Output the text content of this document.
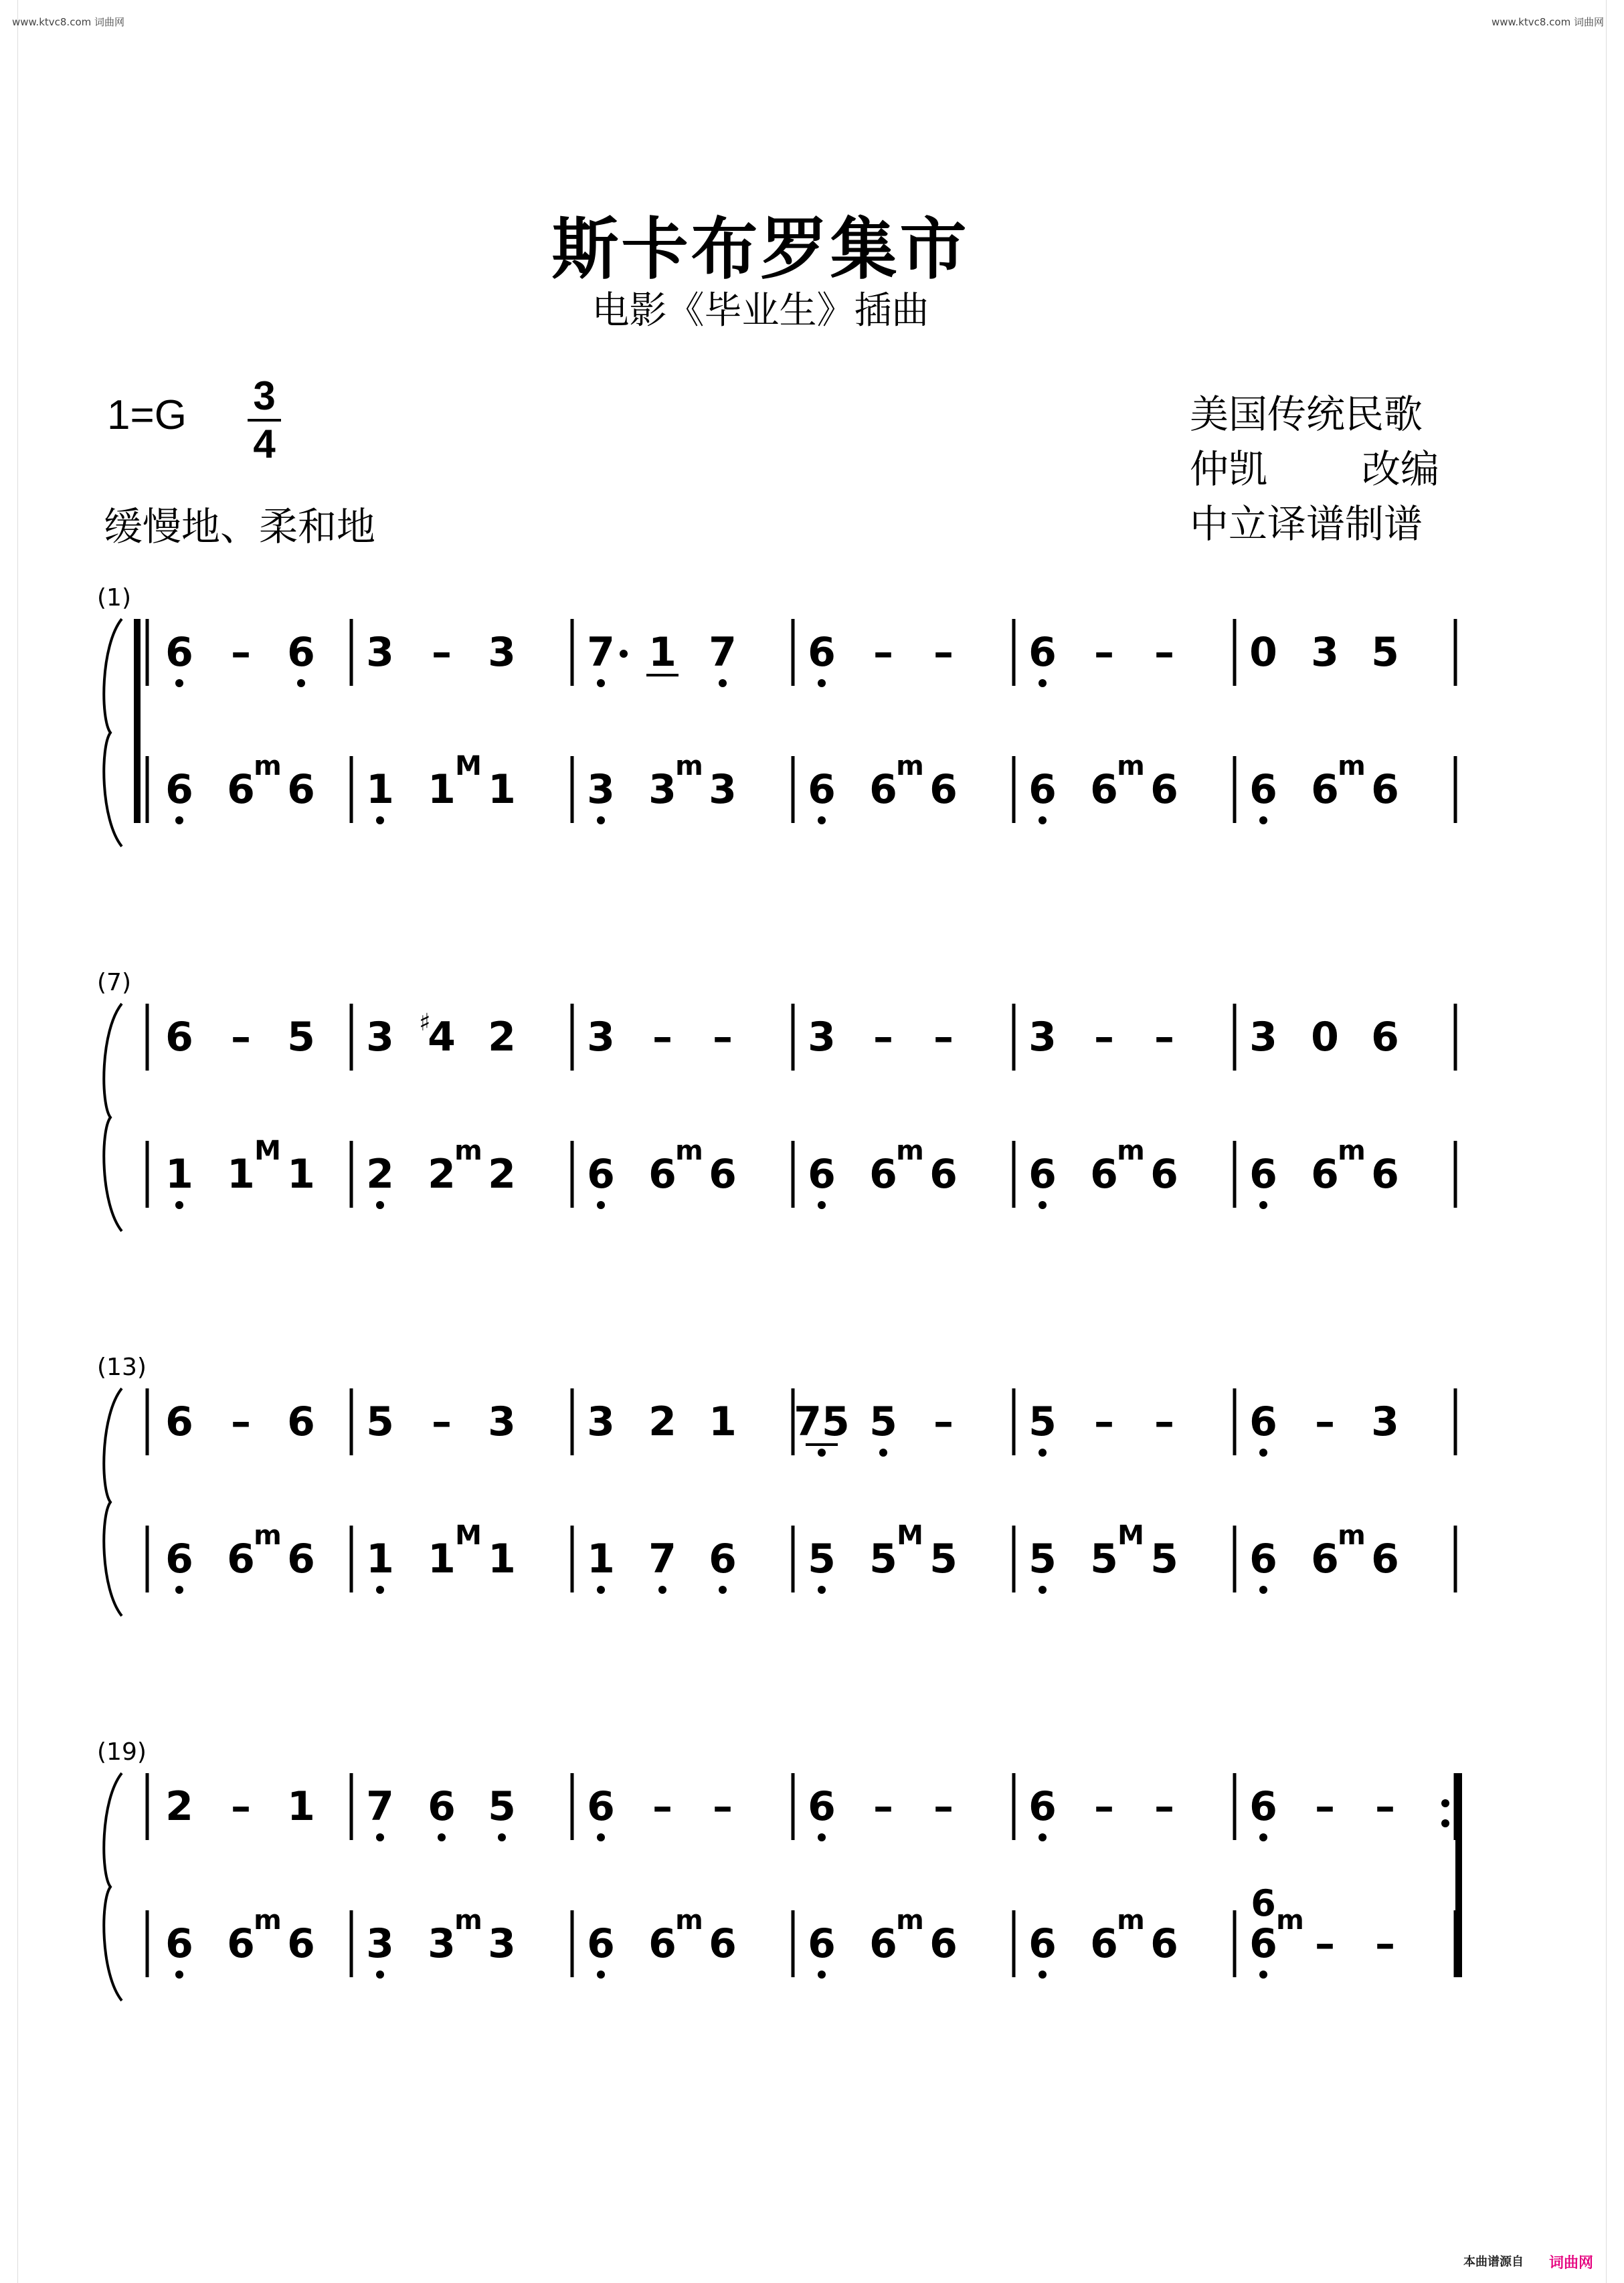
www.ktvc8.com 词曲网	www.ktvc8.com 词曲网
斯卡布罗集市
电影《毕业生》插曲
1=G 3
4
缓慢地、柔和地
美国传统民歌
仲凯 改编
中立译谱制谱
(1)
6 – 6 3 – 3 7 1 7 6 – – 6 – – 0 3 5
6 6
m 6 1 1 M 1 3 3
m 3 6 6
m 6 6 6
m 6 6 6
m 6
(7)
6 – 5 3 4
♯ 2 3 – – 3 – – 3 – – 3 0 6
1 1 M 1 2 2
m 2 6 6
m 6 6 6
m 6 6 6
m 6 6 6
m 6
(13)
6 – 6 5 – 3 3 2 1 75 5 – 5 – – 6 – 3
6 6
m 6 1 1 M 1 1 7 6 5 5 M 5 5 5 M 5 6 6
m 6
(19)
2 – 1 7 6 5 6 – – 6 – – 6 – – 6 – –
6 6
m 6 3 3
m 3 6 6
m 6 6 6
m 6 6 6
m 6 6
m
6
– –
本曲谱源自 词曲网
